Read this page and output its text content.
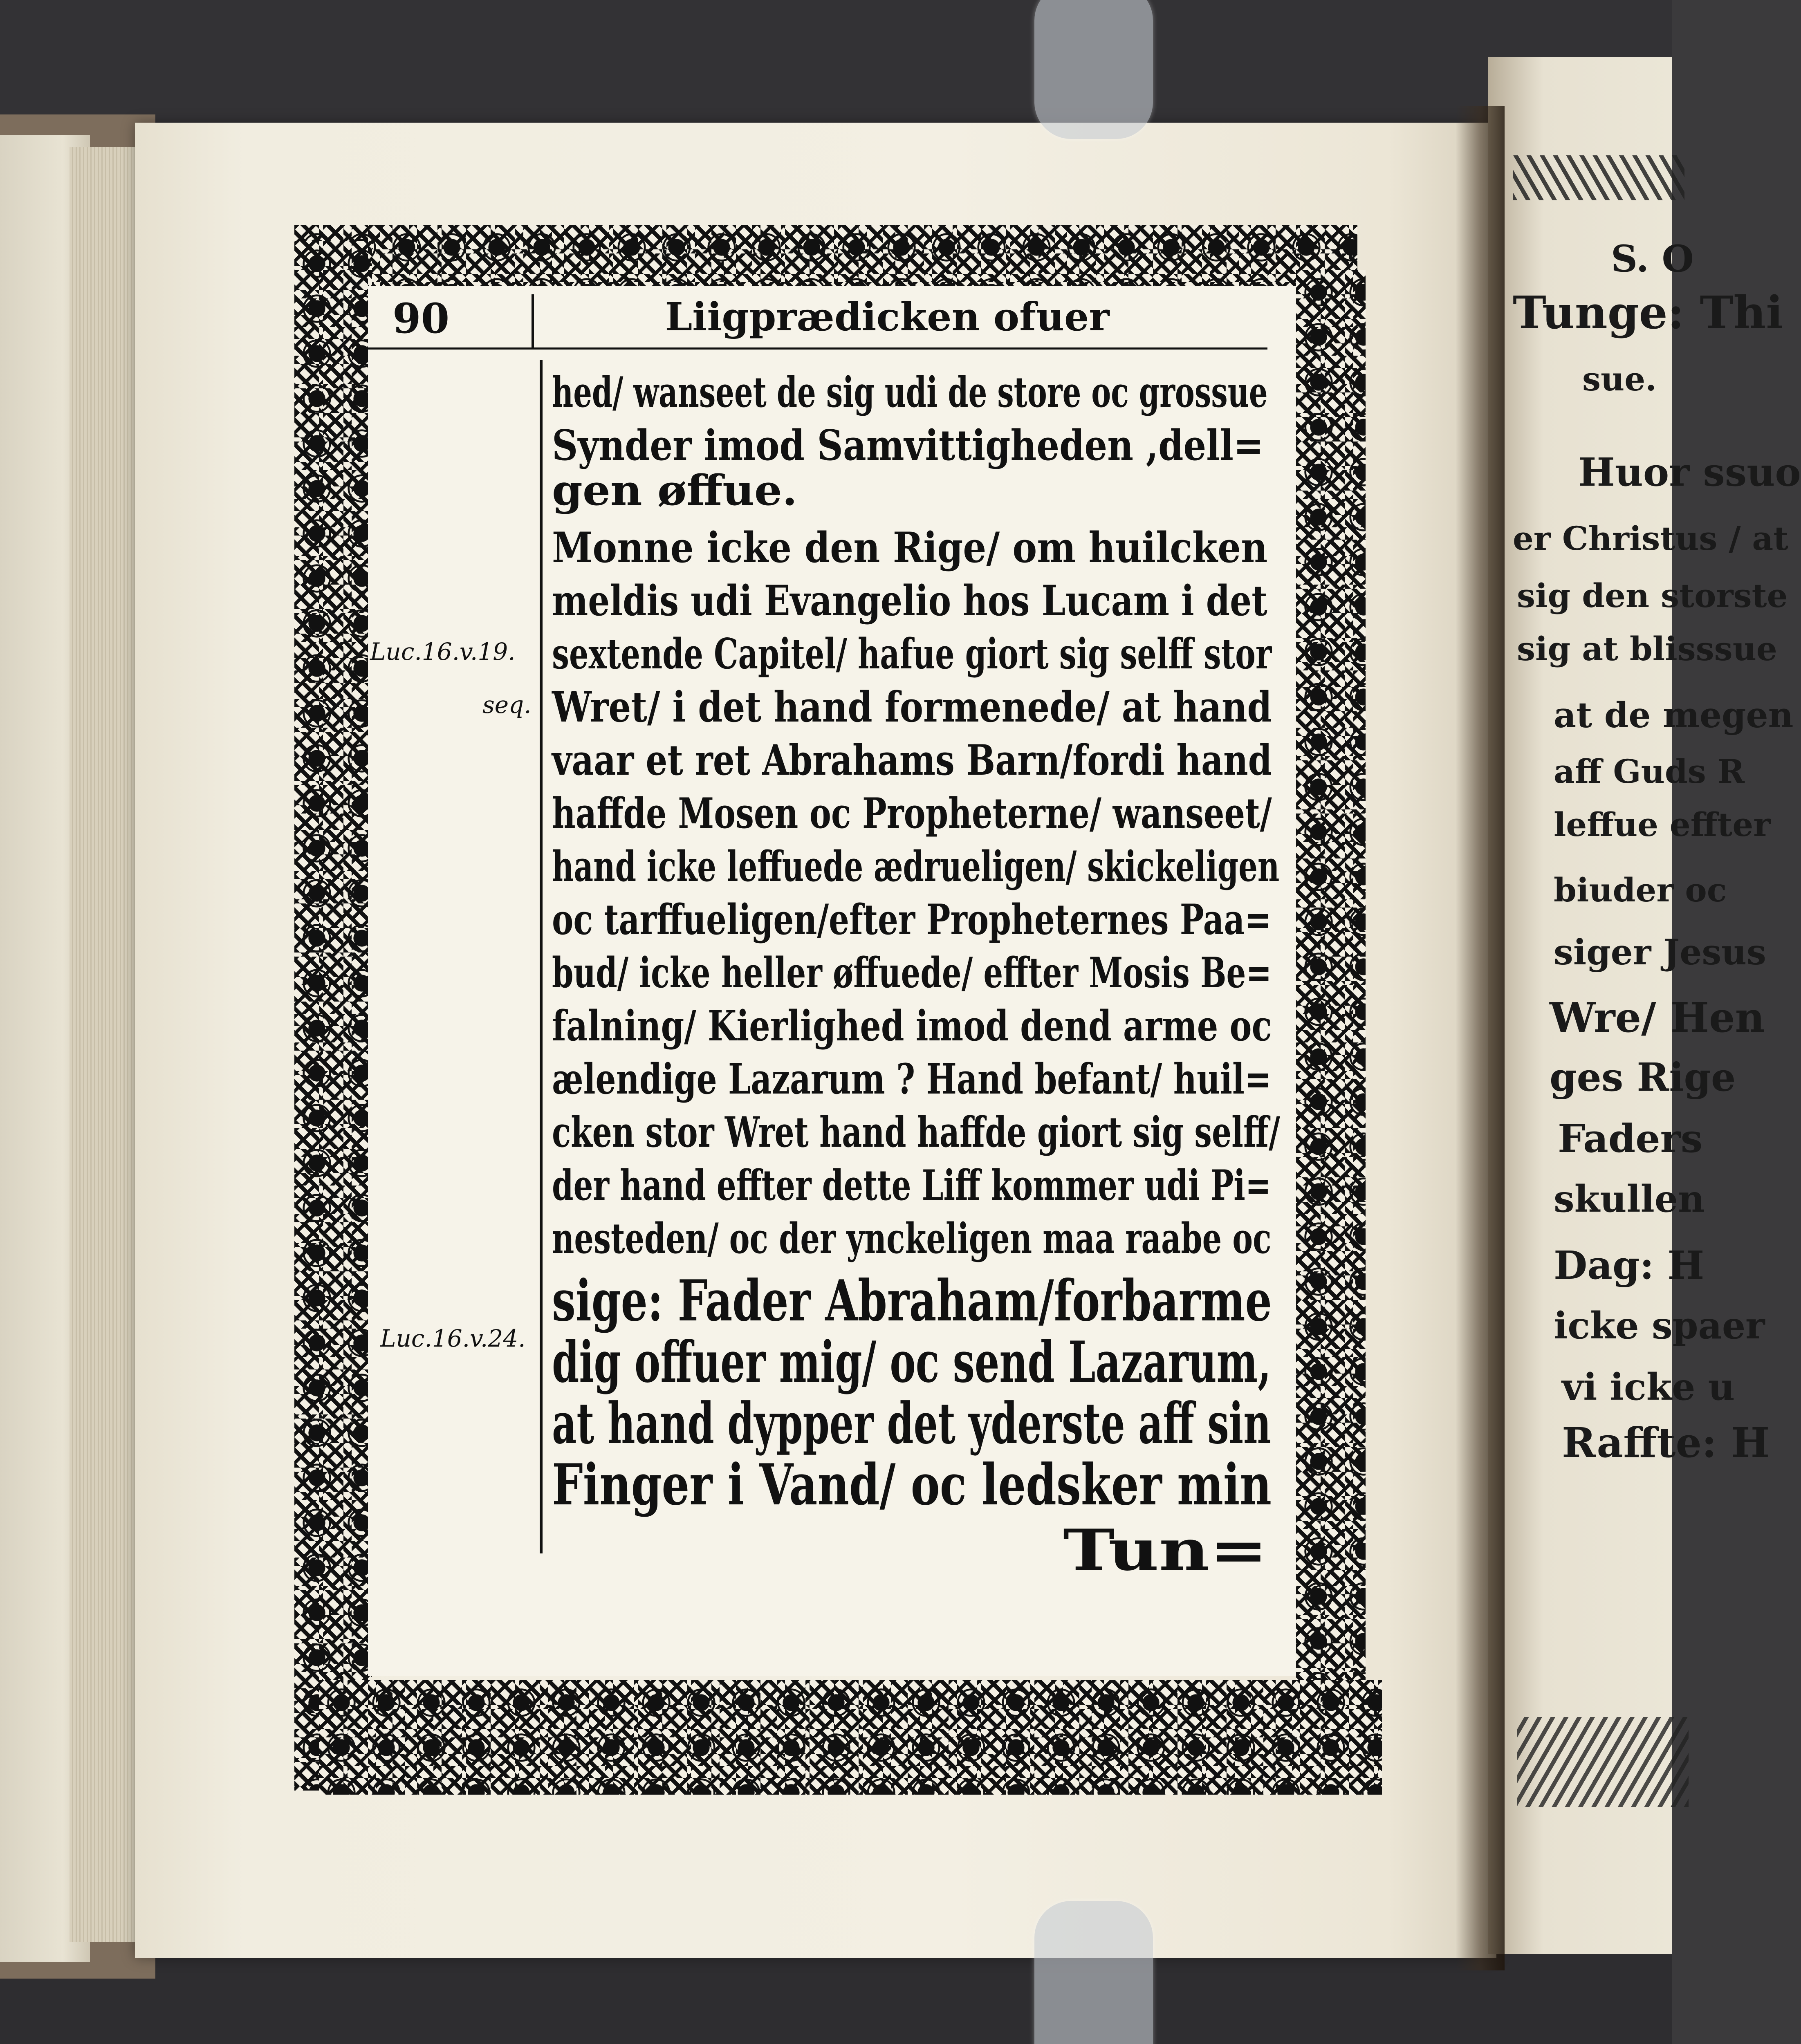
90	Liigprædicken ofuer
Luc.16.v.19.
seq.
Luc.16.v.24.
hed/ wanseet de sig udi de store oc grossue
Synder imod Samvittigheden ,dell=
gen øffue.
Monne icke den Rige/ om huilcken
meldis udi Evangelio hos Lucam i det
sextende Capitel/ hafue giort sig selff stor
Wret/ i det hand formenede/ at hand
vaar et ret Abrahams Barn/fordi hand
haffde Mosen oc Propheterne/ wanseet/
hand icke leffuede ædrueligen/ skickeligen
oc tarffueligen/efter Propheternes Paa=
bud/ icke heller øffuede/ effter Mosis Be=
falning/ Kierlighed imod dend arme oc
ælendige Lazarum ? Hand befant/ huil=
cken stor Wret hand haffde giort sig selff/
der hand effter dette Liff kommer udi Pi=
nesteden/ oc der ynckeligen maa raabe oc
sige: Fader Abraham/forbarme
dig offuer mig/ oc send Lazarum,
at hand dypper det yderste aff sin
Finger i Vand/ oc ledsker min
Tun=
S. O
Tunge: Thi
sue.
Huor ssuo
er Christus / at
sig den storste
sig at blisssue
at de megen
aff Guds R
leffue effter
biuder oc
siger Jesus
Wre/ Hen
ges Rige
Faders
skullen
Dag: H
icke spaer
vi icke u
Raffte: H
